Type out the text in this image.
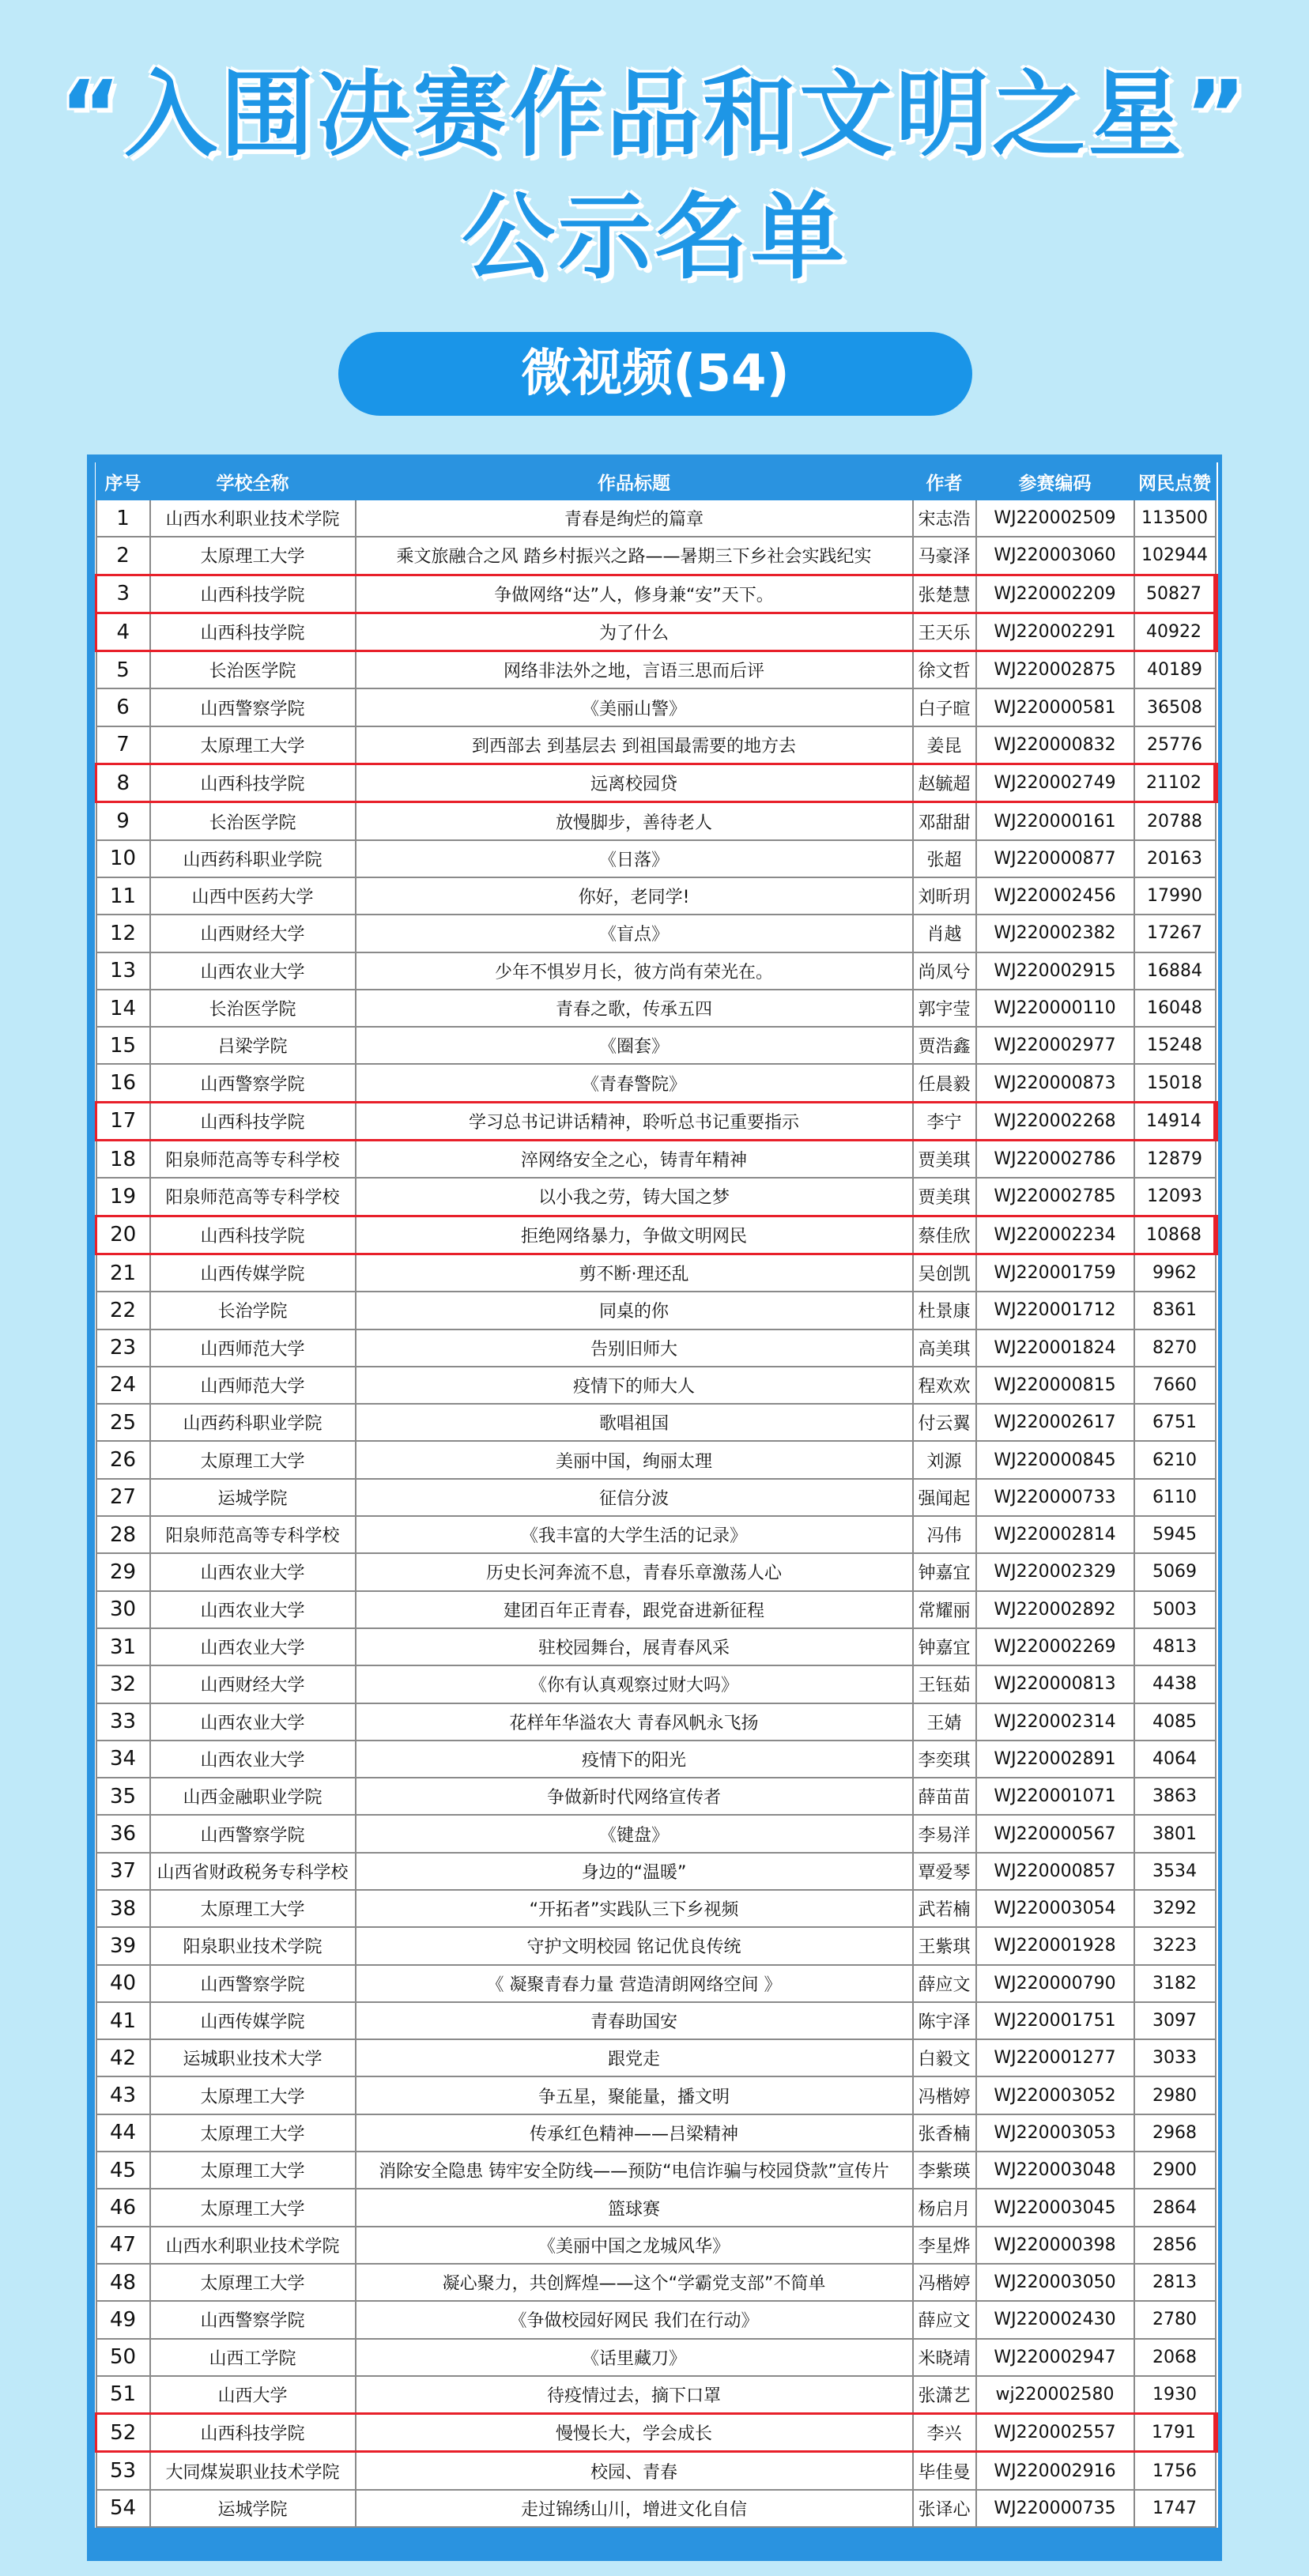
“入围决赛作品和文明之星”
公示名单
微视频(54)
序号	学校全称	作品标题	作者	参赛编码	网民点赞
1	山西水利职业技术学院	青春是绚烂的篇章	宋志浩	WJ220002509	113500
2	太原理工大学	乘文旅融合之风 踏乡村振兴之路——暑期三下乡社会实践纪实	马豪泽	WJ220003060	102944
3	山西科技学院	争做网络“达”人，修身兼“安”天下。	张楚慧	WJ220002209	50827
4	山西科技学院	为了什么	王天乐	WJ220002291	40922
5	长治医学院	网络非法外之地，言语三思而后评	徐文哲	WJ220002875	40189
6	山西警察学院	《美丽山警》	白子暄	WJ220000581	36508
7	太原理工大学	到西部去 到基层去 到祖国最需要的地方去	姜昆	WJ220000832	25776
8	山西科技学院	远离校园贷	赵毓超	WJ220002749	21102
9	长治医学院	放慢脚步，善待老人	邓甜甜	WJ220000161	20788
10	山西药科职业学院	《日落》	张超	WJ220000877	20163
11	山西中医药大学	你好，老同学!	刘昕玥	WJ220002456	17990
12	山西财经大学	《盲点》	肖越	WJ220002382	17267
13	山西农业大学	少年不惧岁月长，彼方尚有荣光在。	尚凤兮	WJ220002915	16884
14	长治医学院	青春之歌，传承五四	郭宇莹	WJ220000110	16048
15	吕梁学院	《圈套》	贾浩鑫	WJ220002977	15248
16	山西警察学院	《青春警院》	任晨毅	WJ220000873	15018
17	山西科技学院	学习总书记讲话精神，聆听总书记重要指示	李宁	WJ220002268	14914
18	阳泉师范高等专科学校	淬网络安全之心，铸青年精神	贾美琪	WJ220002786	12879
19	阳泉师范高等专科学校	以小我之劳，铸大国之梦	贾美琪	WJ220002785	12093
20	山西科技学院	拒绝网络暴力，争做文明网民	蔡佳欣	WJ220002234	10868
21	山西传媒学院	剪不断·理还乱	吴创凯	WJ220001759	9962
22	长治学院	同桌的你	杜景康	WJ220001712	8361
23	山西师范大学	告别旧师大	高美琪	WJ220001824	8270
24	山西师范大学	疫情下的师大人	程欢欢	WJ220000815	7660
25	山西药科职业学院	歌唱祖国	付云翼	WJ220002617	6751
26	太原理工大学	美丽中国，绚丽太理	刘源	WJ220000845	6210
27	运城学院	征信分波	强闻起	WJ220000733	6110
28	阳泉师范高等专科学校	《我丰富的大学生活的记录》	冯伟	WJ220002814	5945
29	山西农业大学	历史长河奔流不息，青春乐章激荡人心	钟嘉宜	WJ220002329	5069
30	山西农业大学	建团百年正青春，跟党奋进新征程	常耀丽	WJ220002892	5003
31	山西农业大学	驻校园舞台，展青春风采	钟嘉宜	WJ220002269	4813
32	山西财经大学	《你有认真观察过财大吗》	王钰茹	WJ220000813	4438
33	山西农业大学	花样年华溢农大 青春风帆永飞扬	王婧	WJ220002314	4085
34	山西农业大学	疫情下的阳光	李奕琪	WJ220002891	4064
35	山西金融职业学院	争做新时代网络宣传者	薛苗苗	WJ220001071	3863
36	山西警察学院	《键盘》	李易洋	WJ220000567	3801
37	山西省财政税务专科学校	身边的“温暖”	覃爱琴	WJ220000857	3534
38	太原理工大学	“开拓者”实践队三下乡视频	武若楠	WJ220003054	3292
39	阳泉职业技术学院	守护文明校园 铭记优良传统	王紫琪	WJ220001928	3223
40	山西警察学院	《 凝聚青春力量 营造清朗网络空间 》	薛应文	WJ220000790	3182
41	山西传媒学院	青春助国安	陈宇泽	WJ220001751	3097
42	运城职业技术大学	跟党走	白毅文	WJ220001277	3033
43	太原理工大学	争五星，聚能量，播文明	冯楷婷	WJ220003052	2980
44	太原理工大学	传承红色精神——吕梁精神	张香楠	WJ220003053	2968
45	太原理工大学	消除安全隐患 铸牢安全防线——预防“电信诈骗与校园贷款”宣传片	李紫瑛	WJ220003048	2900
46	太原理工大学	篮球赛	杨启月	WJ220003045	2864
47	山西水利职业技术学院	《美丽中国之龙城风华》	李星烨	WJ220000398	2856
48	太原理工大学	凝心聚力，共创辉煌——这个“学霸党支部”不简单	冯楷婷	WJ220003050	2813
49	山西警察学院	《争做校园好网民 我们在行动》	薛应文	WJ220002430	2780
50	山西工学院	《话里藏刀》	米晓靖	WJ220002947	2068
51	山西大学	待疫情过去，摘下口罩	张潇艺	wj220002580	1930
52	山西科技学院	慢慢长大，学会成长	李兴	WJ220002557	1791
53	大同煤炭职业技术学院	校园、青春	毕佳曼	WJ220002916	1756
54	运城学院	走过锦绣山川，增进文化自信	张译心	WJ220000735	1747
